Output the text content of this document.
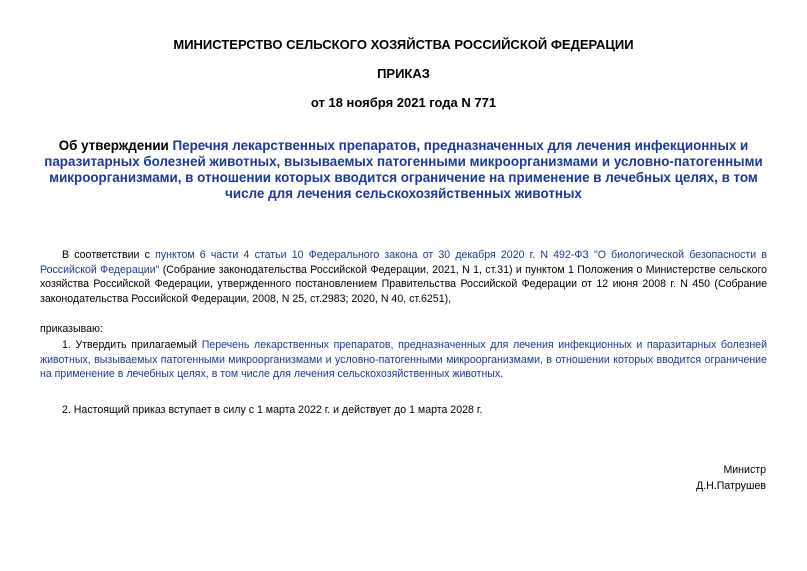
МИНИСТЕРСТВО СЕЛЬСКОГО ХОЗЯЙСТВА РОССИЙСКОЙ ФЕДЕРАЦИИ
ПРИКАЗ
от 18 ноября 2021 года N 771
Об утверждении Перечня лекарственных препаратов, предназначенных для лечения инфекционных и паразитарных болезней животных, вызываемых патогенными микроорганизмами и условно-патогенными микроорганизмами, в отношении которых вводится ограничение на применение в лечебных целях, в том числе для лечения сельскохозяйственных животных
В соответствии с пунктом 6 части 4 статьи 10 Федерального закона от 30 декабря 2020 г. N 492-ФЗ "О биологической безопасности в Российской Федерации" (Собрание законодательства Российской Федерации, 2021, N 1, ст.31) и пунктом 1 Положения о Министерстве сельского хозяйства Российской Федерации, утвержденного постановлением Правительства Российской Федерации от 12 июня 2008 г. N 450 (Собрание законодательства Российской Федерации, 2008, N 25, ст.2983; 2020, N 40, ст.6251),
приказываю:
1. Утвердить прилагаемый Перечень лекарственных препаратов, предназначенных для лечения инфекционных и паразитарных болезней животных, вызываемых патогенными микроорганизмами и условно-патогенными микроорганизмами, в отношении которых вводится ограничение на применение в лечебных целях, в том числе для лечения сельскохозяйственных животных.
2. Настоящий приказ вступает в силу с 1 марта 2022 г. и действует до 1 марта 2028 г.
Министр
Д.Н.Патрушев
